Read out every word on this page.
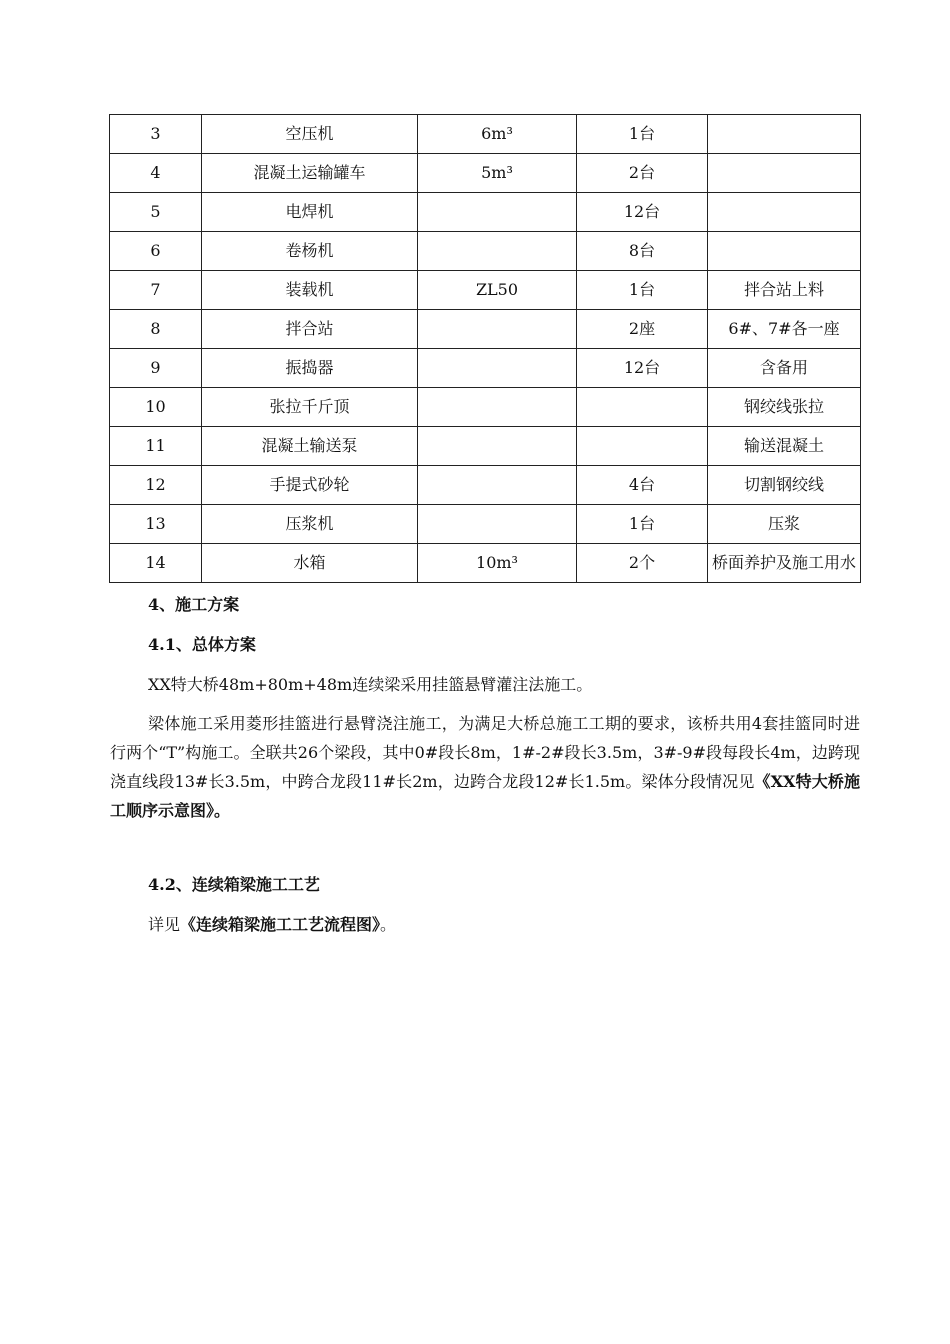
3	空压机	6m³	1台	
4	混凝土运输罐车	5m³	2台	
5	电焊机		12台	
6	卷杨机		8台	
7	装载机	ZL50	1台	拌合站上料
8	拌合站		2座	6#、7#各一座
9	振捣器		12台	含备用
10	张拉千斤顶			钢绞线张拉
11	混凝土输送泵			输送混凝土
12	手提式砂轮		4台	切割钢绞线
13	压浆机		1台	压浆
14	水箱	10m³	2个	桥面养护及施工用水
4、施工方案
4.1、总体方案
XX特大桥48m+80m+48m连续梁采用挂篮悬臂灌注法施工。
梁体施工采用菱形挂篮进行悬臂浇注施工，为满足大桥总施工工期的要求，该桥共用4套挂篮同时进行两个“T”构施工。全联共26个梁段，其中0#段长8m，1#-2#段长3.5m，3#-9#段每段长4m，边跨现浇直线段13#长3.5m，中跨合龙段11#长2m，边跨合龙段12#长1.5m。梁体分段情况见《XX特大桥施工顺序示意图》。
4.2、连续箱梁施工工艺
详见《连续箱梁施工工艺流程图》。
